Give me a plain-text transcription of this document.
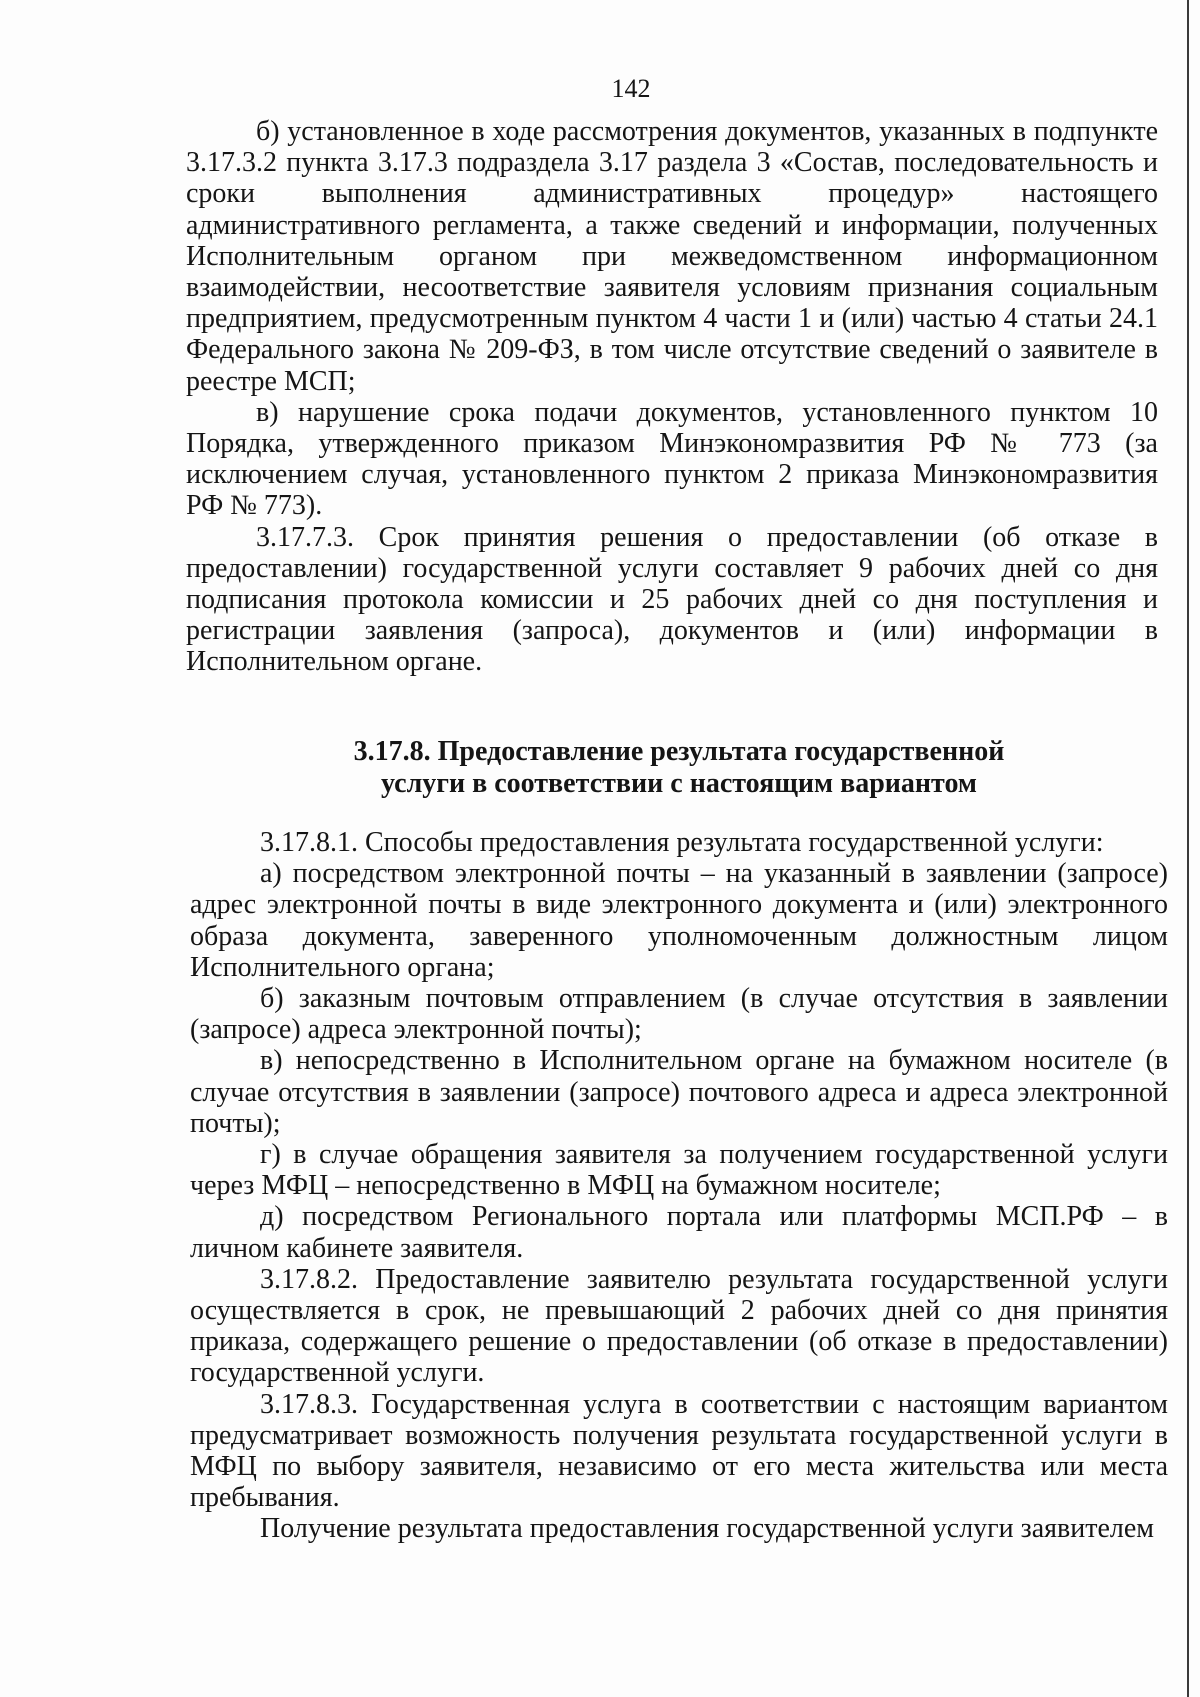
142

б) установленное в ходе рассмотрения документов, указанных в подпункте 3.17.3.2 пункта 3.17.3 подраздела 3.17 раздела 3 «Состав, последовательность и сроки выполнения административных процедур» настоящего административного регламента, а также сведений и информации, полученных Исполнительным органом при межведомственном информационном взаимодействии, несоответствие заявителя условиям признания социальным предприятием, предусмотренным пунктом 4 части 1 и (или) частью 4 статьи 24.1 Федерального закона № 209-ФЗ, в том числе отсутствие сведений о заявителе в реестре МСП;

в) нарушение срока подачи документов, установленного пунктом 10 Порядка, утвержденного приказом Минэкономразвития РФ № 773 (за исключением случая, установленного пунктом 2 приказа Минэкономразвития РФ № 773).

3.17.7.3. Срок принятия решения о предоставлении (об отказе в предоставлении) государственной услуги составляет 9 рабочих дней со дня подписания протокола комиссии и 25 рабочих дней со дня поступления и регистрации заявления (запроса), документов и (или) информации в Исполнительном органе.

3.17.8. Предоставление результата государственной
услуги в соответствии с настоящим вариантом

3.17.8.1. Способы предоставления результата государственной услуги:

а) посредством электронной почты – на указанный в заявлении (запросе) адрес электронной почты в виде электронного документа и (или) электронного образа документа, заверенного уполномоченным должностным лицом Исполнительного органа;

б) заказным почтовым отправлением (в случае отсутствия в заявлении (запросе) адреса электронной почты);

в) непосредственно в Исполнительном органе на бумажном носителе (в случае отсутствия в заявлении (запросе) почтового адреса и адреса электронной почты);

г) в случае обращения заявителя за получением государственной услуги через МФЦ – непосредственно в МФЦ на бумажном носителе;

д) посредством Регионального портала или платформы МСП.РФ – в личном кабинете заявителя.

3.17.8.2. Предоставление заявителю результата государственной услуги осуществляется в срок, не превышающий 2 рабочих дней со дня принятия приказа, содержащего решение о предоставлении (об отказе в предоставлении) государственной услуги.

3.17.8.3. Государственная услуга в соответствии с настоящим вариантом предусматривает возможность получения результата государственной услуги в МФЦ по выбору заявителя, независимо от его места жительства или места пребывания.

Получение результата предоставления государственной услуги заявителем
